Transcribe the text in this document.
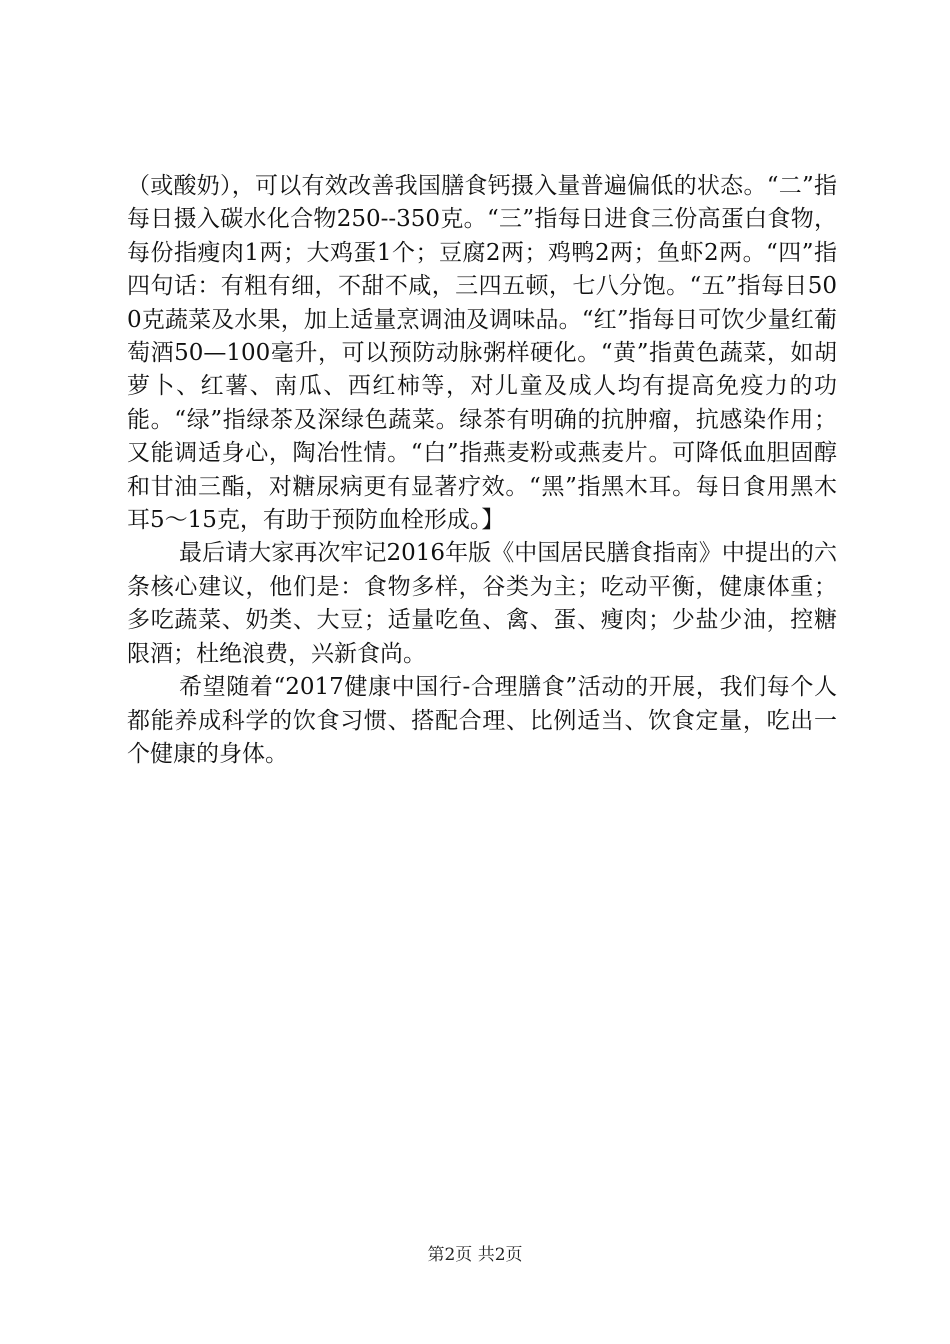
（或酸奶），可以有效改善我国膳食钙摄入量普遍偏低的状态。“二”指每日摄入碳水化合物250--350克。“三”指每日进食三份高蛋白食物，每份指瘦肉1两；大鸡蛋1个；豆腐2两；鸡鸭2两；鱼虾2两。“四”指四句话：有粗有细，不甜不咸，三四五顿，七八分饱。“五”指每日500克蔬菜及水果，加上适量烹调油及调味品。“红”指每日可饮少量红葡萄酒50—100毫升，可以预防动脉粥样硬化。“黄”指黄色蔬菜，如胡萝卜、红薯、南瓜、西红柿等，对儿童及成人均有提高免疫力的功能。“绿”指绿茶及深绿色蔬菜。绿茶有明确的抗肿瘤，抗感染作用；又能调适身心，陶冶性情。“白”指燕麦粉或燕麦片。可降低血胆固醇和甘油三酯，对糖尿病更有显著疗效。“黑”指黑木耳。每日食用黑木耳5～15克，有助于预防血栓形成。】

最后请大家再次牢记2016年版《中国居民膳食指南》中提出的六条核心建议，他们是：食物多样，谷类为主；吃动平衡，健康体重；多吃蔬菜、奶类、大豆；适量吃鱼、禽、蛋、瘦肉；少盐少油，控糖限酒；杜绝浪费，兴新食尚。

希望随着“2017健康中国行-合理膳食”活动的开展，我们每个人都能养成科学的饮食习惯、搭配合理、比例适当、饮食定量，吃出一个健康的身体。

第2页 共2页
